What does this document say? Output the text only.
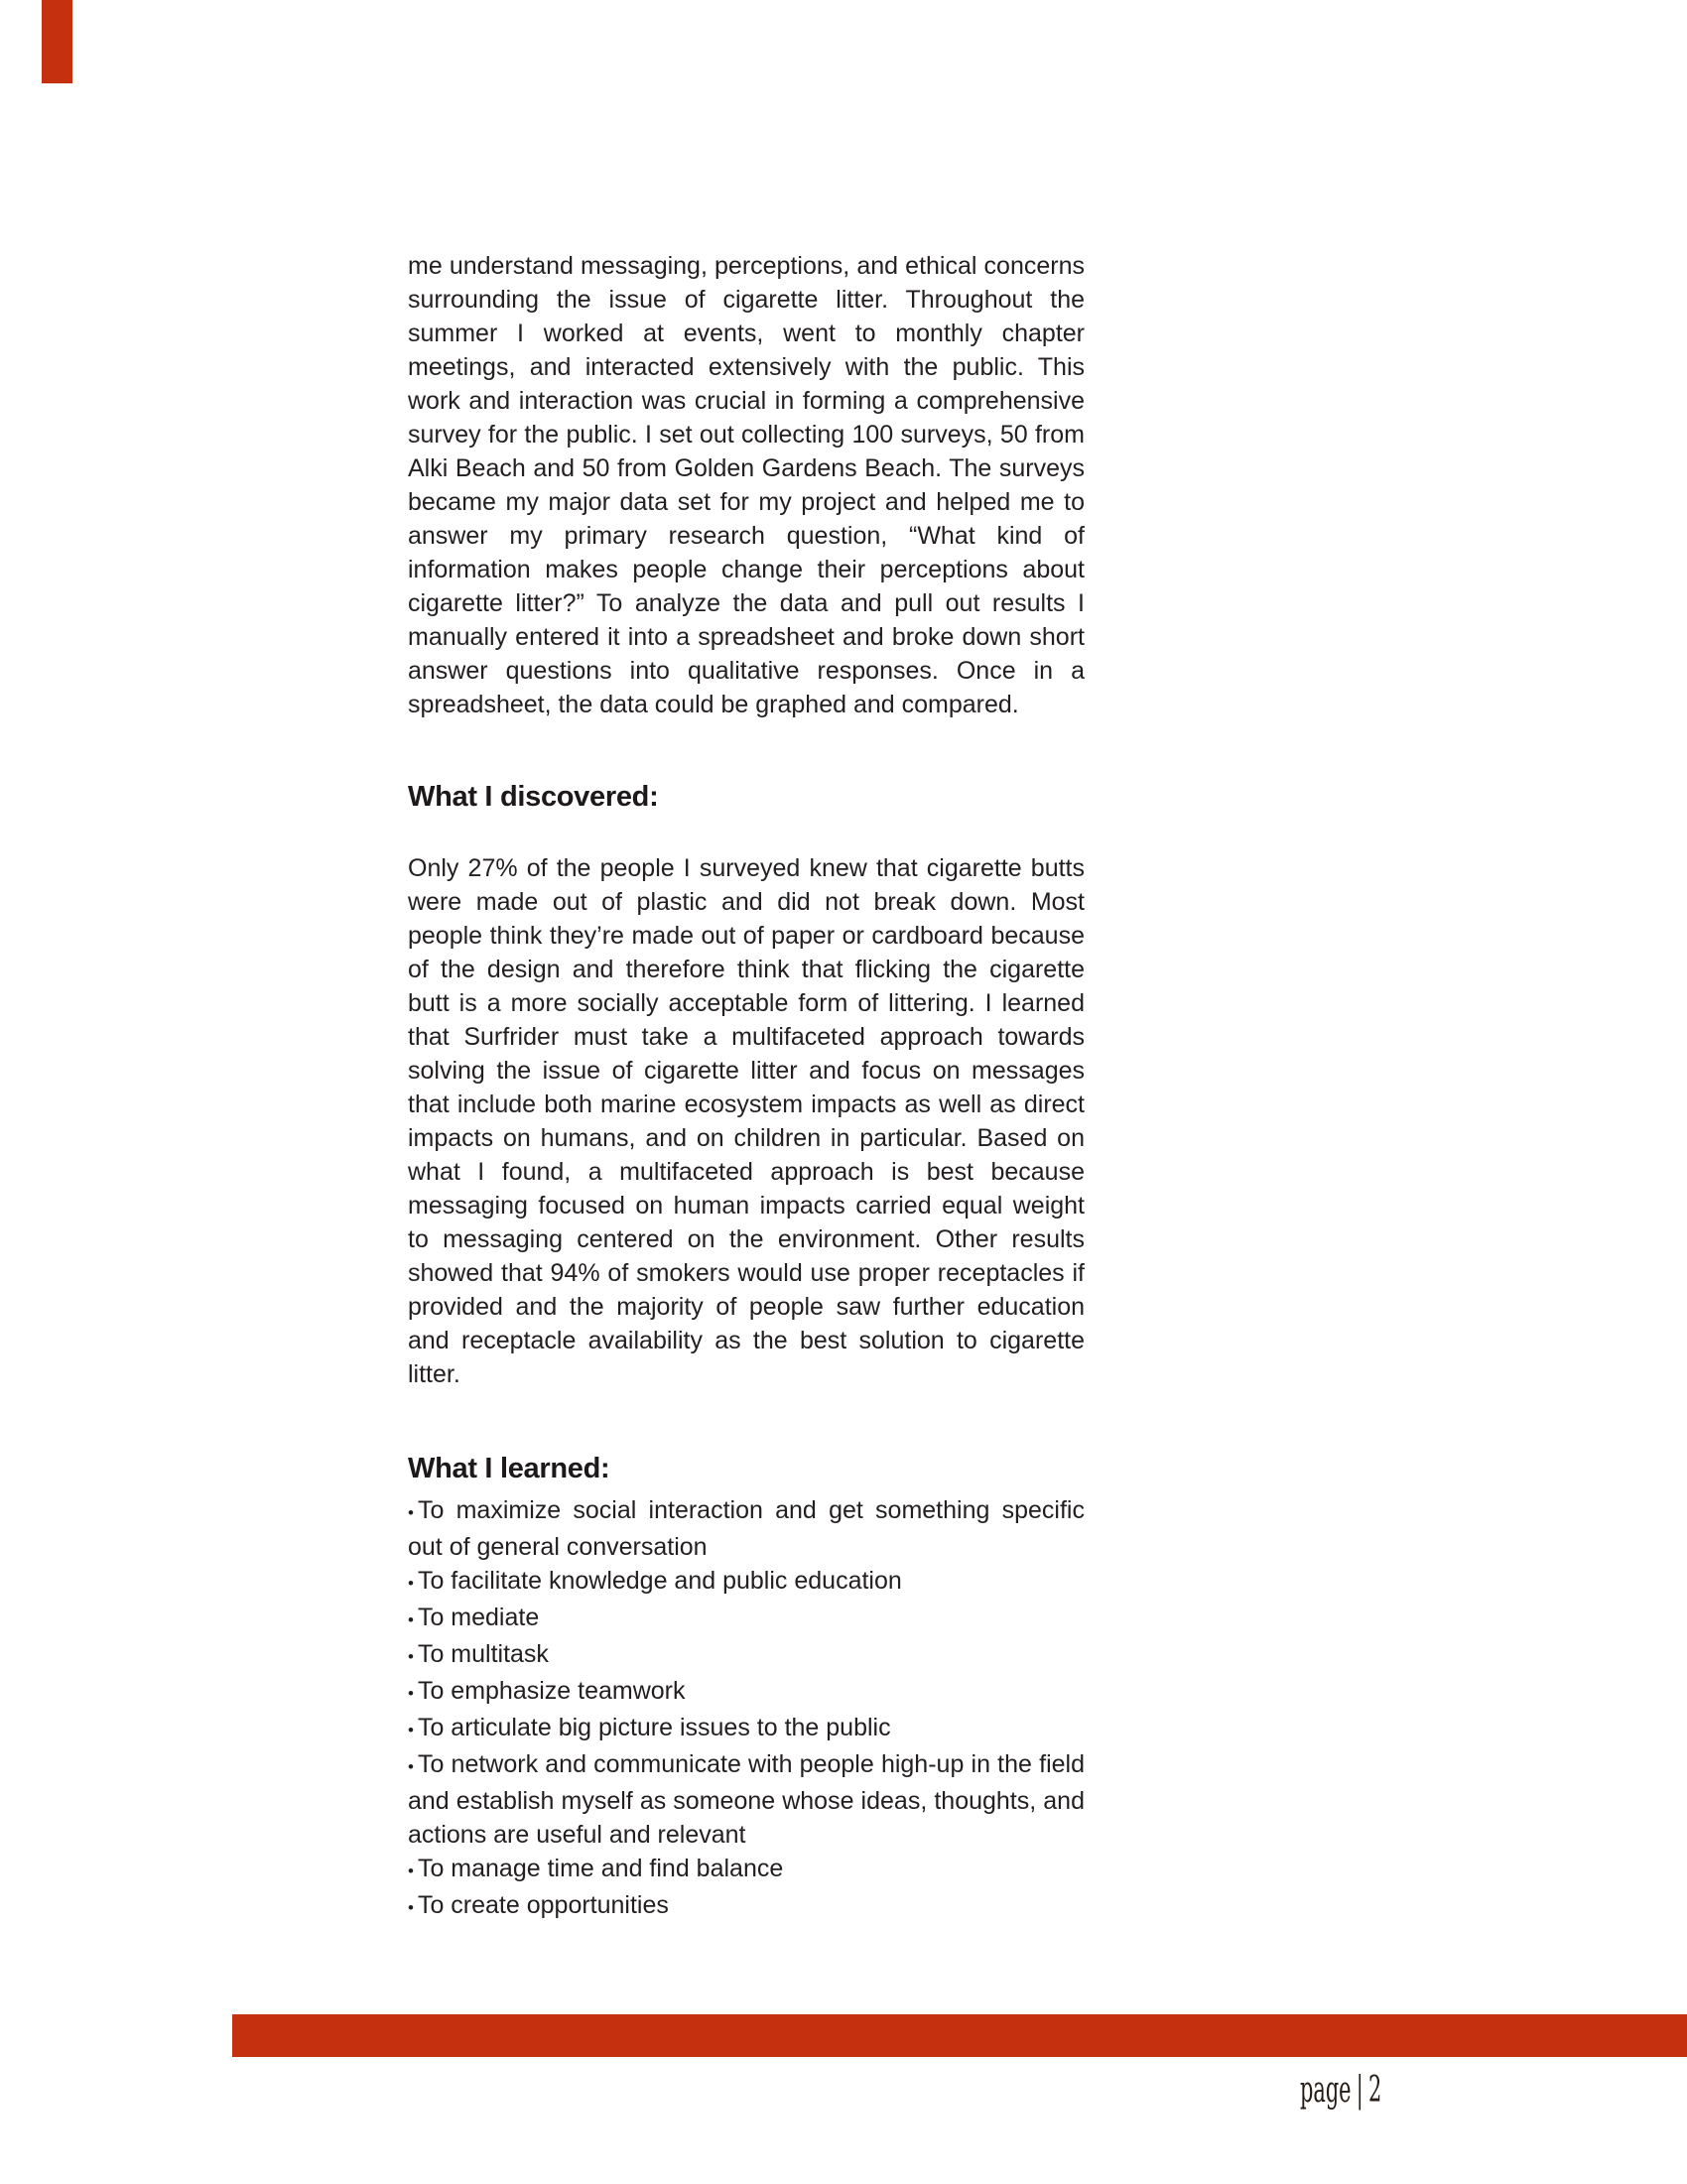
me understand messaging, perceptions, and ethical concerns surrounding the issue of cigarette litter. Throughout the summer I worked at events, went to monthly chapter meetings, and interacted extensively with the public. This work and interaction was crucial in forming a comprehensive survey for the public. I set out collecting 100 surveys, 50 from Alki Beach and 50 from Golden Gardens Beach. The surveys became my major data set for my project and helped me to answer my primary research question, “What kind of information makes people change their perceptions about cigarette litter?” To analyze the data and pull out results I manually entered it into a spreadsheet and broke down short answer questions into qualitative responses. Once in a spreadsheet, the data could be graphed and compared.

What I discovered:

Only 27% of the people I surveyed knew that cigarette butts were made out of plastic and did not break down. Most people think they’re made out of paper or cardboard because of the design and therefore think that flicking the cigarette butt is a more socially acceptable form of littering. I learned that Surfrider must take a multifaceted approach towards solving the issue of cigarette litter and focus on messages that include both marine ecosystem impacts as well as direct impacts on humans, and on children in particular. Based on what I found, a multifaceted approach is best because messaging focused on human impacts carried equal weight to messaging centered on the environment. Other results showed that 94% of smokers would use proper receptacles if provided and the majority of people saw further education and receptacle availability as the best solution to cigarette litter.

What I learned:
• To maximize social interaction and get something specific out of general conversation
• To facilitate knowledge and public education
• To mediate
• To multitask
• To emphasize teamwork
• To articulate big picture issues to the public
• To network and communicate with people high-up in the field and establish myself as someone whose ideas, thoughts, and actions are useful and relevant
• To manage time and find balance
• To create opportunities
page | 2
